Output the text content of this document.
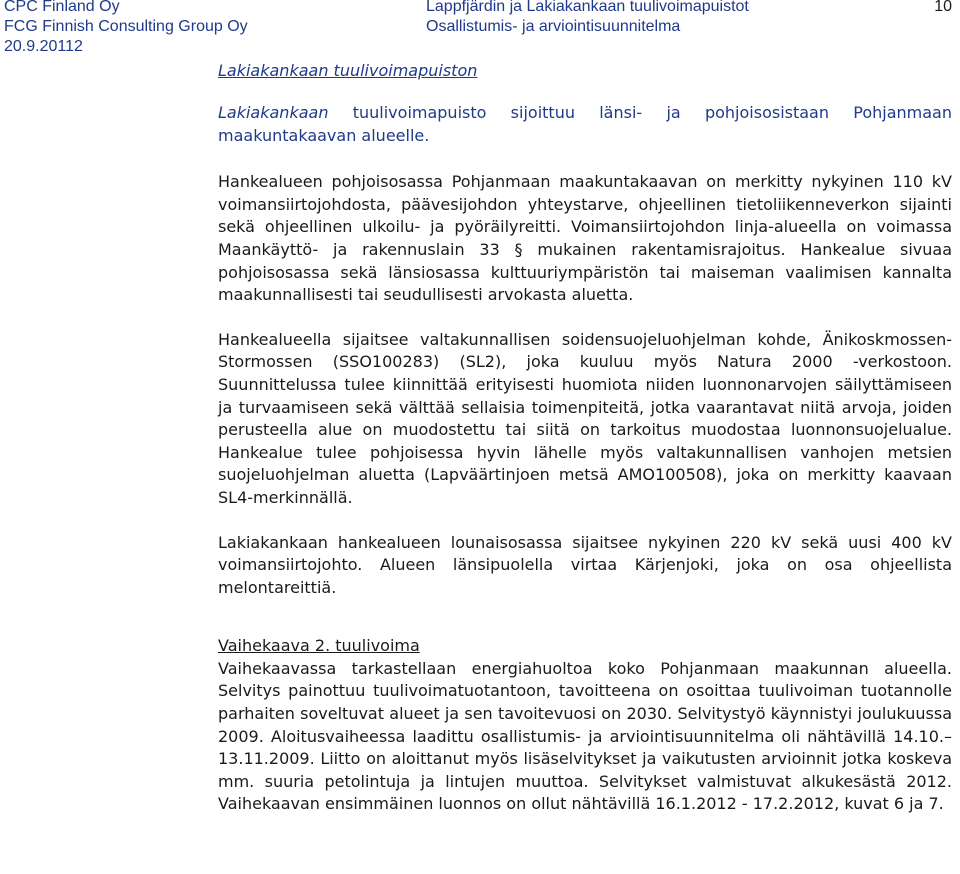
CPC Finland Oy
FCG Finnish Consulting Group Oy
20.9.20112
Lappfjärdin ja Lakiakankaan tuulivoimapuistot
Osallistumis- ja arviointisuunnitelma
10
Lakiakankaan tuulivoimapuiston

Lakiakankaan tuulivoimapuisto sijoittuu länsi- ja pohjoisosistaan Pohjanmaan maakuntakaavan alueelle.

Hankealueen pohjoisosassa Pohjanmaan maakuntakaavan on merkitty nykyinen 110 kV voimansiirtojohdosta, päävesijohdon yhteystarve, ohjeellinen tietoliikenneverkon sijainti sekä ohjeellinen ulkoilu- ja pyöräilyreitti. Voimansiirtojohdon linja-alueella on voimassa Maankäyttö- ja rakennuslain 33 § mukainen rakentamisrajoitus. Hankealue sivuaa pohjoisosassa sekä länsiosassa kulttuuriympäristön tai maiseman vaalimisen kannalta maakunnallisesti tai seudullisesti arvokasta aluetta.

Hankealueella sijaitsee valtakunnallisen soidensuojeluohjelman kohde, Änikoskmossen-Stormossen (SSO100283) (SL2), joka kuuluu myös Natura 2000 -verkostoon. Suunnittelussa tulee kiinnittää erityisesti huomiota niiden luonnonarvojen säilyttämiseen ja turvaamiseen sekä välttää sellaisia toimenpiteitä, jotka vaarantavat niitä arvoja, joiden perusteella alue on muodostettu tai siitä on tarkoitus muodostaa luonnonsuojelualue. Hankealue tulee pohjoisessa hyvin lähelle myös valtakunnallisen vanhojen metsien suojeluohjelman aluetta (Lapväärtinjoen metsä AMO100508), joka on merkitty kaavaan SL4-merkinnällä.

Lakiakankaan hankealueen lounaisosassa sijaitsee nykyinen 220 kV sekä uusi 400 kV voimansiirtojohto. Alueen länsipuolella virtaa Kärjenjoki, joka on osa ohjeellista melontareittiä.

Vaihekaava 2. tuulivoima
Vaihekaavassa tarkastellaan energiahuoltoa koko Pohjanmaan maakunnan alueella. Selvitys painottuu tuulivoimatuotantoon, tavoitteena on osoittaa tuulivoiman tuotannolle parhaiten soveltuvat alueet ja sen tavoitevuosi on 2030. Selvitystyö käynnistyi joulukuussa 2009. Aloitusvaiheessa laadittu osallistumis- ja arviointisuunnitelma oli nähtävillä 14.10.– 13.11.2009. Liitto on aloittanut myös lisäselvitykset ja vaikutusten arvioinnit jotka koskeva mm. suuria petolintuja ja lintujen muuttoa. Selvitykset valmistuvat alkukesästä 2012. Vaihekaavan ensimmäinen luonnos on ollut nähtävillä 16.1.2012 - 17.2.2012, kuvat 6 ja 7.
